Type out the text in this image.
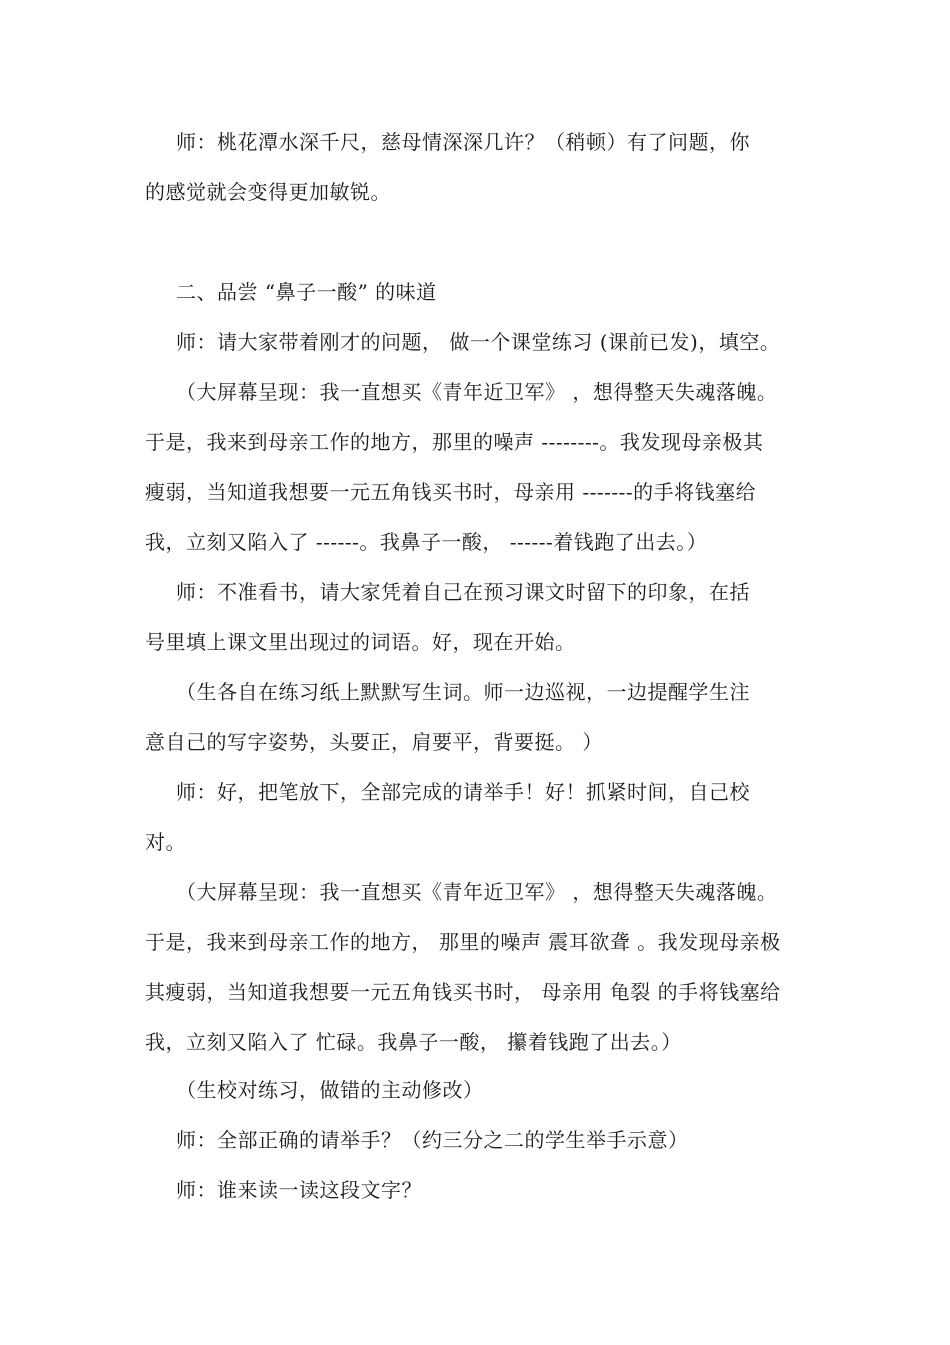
师：桃花潭水深千尺，慈母情深深几许？（稍顿）有了问题，你
的感觉就会变得更加敏锐。
二、品尝 “鼻子一酸” 的味道
师：请大家带着刚才的问题， 做一个课堂练习 (课前已发)，填空。
（大屏幕呈现：我一直想买《青年近卫军》 ，想得整天失魂落魄。
于是，我来到母亲工作的地方，那里的噪声 --------。我发现母亲极其
瘦弱，当知道我想要一元五角钱买书时，母亲用 -------的手将钱塞给
我，立刻又陷入了 ------。我鼻子一酸， ------着钱跑了出去。）
师：不准看书，请大家凭着自己在预习课文时留下的印象，在括
号里填上课文里出现过的词语。好，现在开始。
（生各自在练习纸上默默写生词。师一边巡视，一边提醒学生注
意自己的写字姿势，头要正，肩要平，背要挺。 ）
师：好，把笔放下，全部完成的请举手！好！抓紧时间，自己校
对。
（大屏幕呈现：我一直想买《青年近卫军》 ，想得整天失魂落魄。
于是，我来到母亲工作的地方， 那里的噪声 震耳欲聋 。我发现母亲极
其瘦弱，当知道我想要一元五角钱买书时， 母亲用 龟裂 的手将钱塞给
我，立刻又陷入了 忙碌。我鼻子一酸， 攥着钱跑了出去。）
（生校对练习，做错的主动修改）
师：全部正确的请举手？（约三分之二的学生举手示意）
师：谁来读一读这段文字？
